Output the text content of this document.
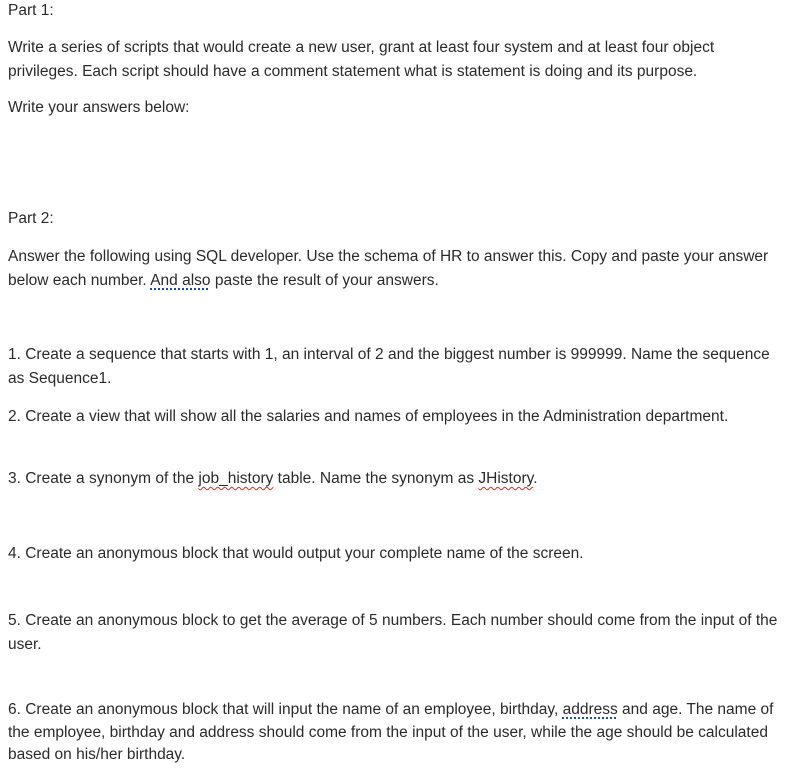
Part 1:

Write a series of scripts that would create a new user, grant at least four system and at least four object privileges. Each script should have a comment statement what is statement is doing and its purpose.

Write your answers below:

Part 2:

Answer the following using SQL developer. Use the schema of HR to answer this. Copy and paste your answer below each number. And also paste the result of your answers.

1. Create a sequence that starts with 1, an interval of 2 and the biggest number is 999999. Name the sequence as Sequence1.

2. Create a view that will show all the salaries and names of employees in the Administration department.

3. Create a synonym of the job_history table. Name the synonym as JHistory.

4. Create an anonymous block that would output your complete name of the screen.

5. Create an anonymous block to get the average of 5 numbers. Each number should come from the input of the user.

6. Create an anonymous block that will input the name of an employee, birthday, address and age. The name of the employee, birthday and address should come from the input of the user, while the age should be calculated based on his/her birthday.
